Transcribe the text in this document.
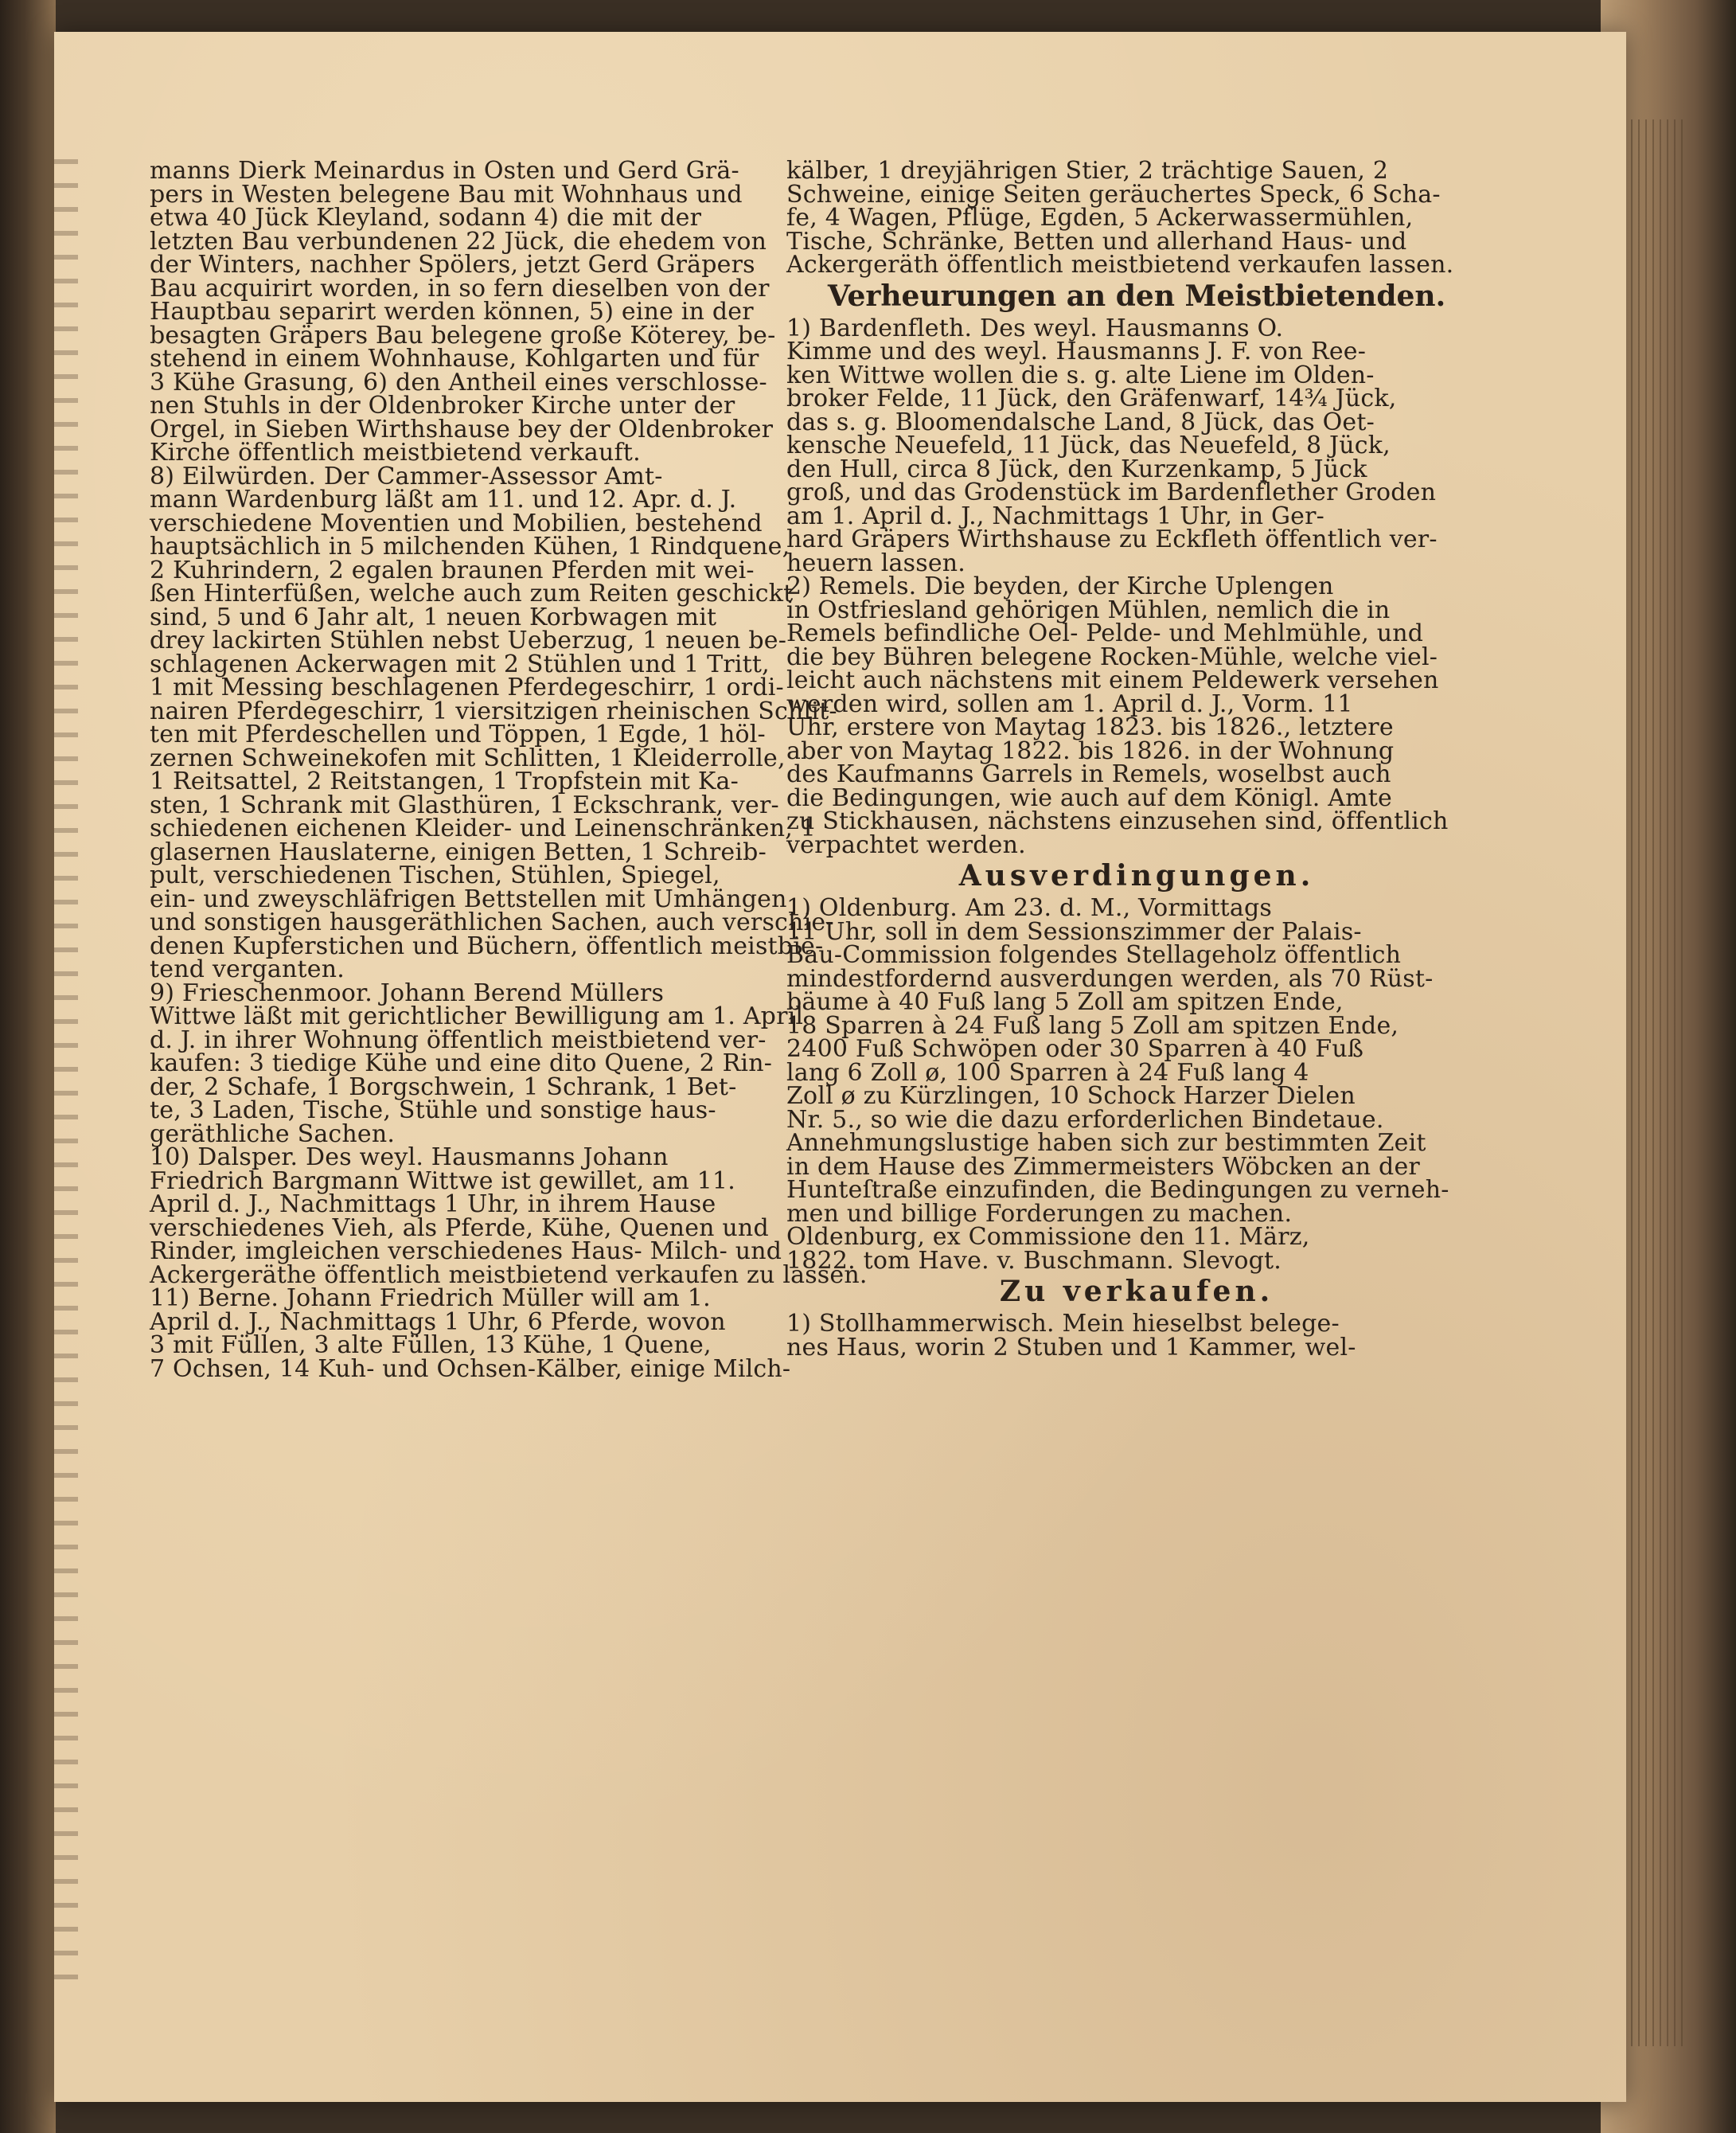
manns Dierk Meinardus in Osten und Gerd Grä-
pers in Westen belegene Bau mit Wohnhaus und
etwa 40 Jück Kleyland, sodann 4) die mit der
letzten Bau verbundenen 22 Jück, die ehedem von
der Winters, nachher Spölers, jetzt Gerd Gräpers
Bau acquirirt worden, in so fern dieselben von der
Hauptbau separirt werden können, 5) eine in der
besagten Gräpers Bau belegene große Köterey, be-
stehend in einem Wohnhause, Kohlgarten und für
3 Kühe Grasung, 6) den Antheil eines verschlosse-
nen Stuhls in der Oldenbroker Kirche unter der
Orgel, in Sieben Wirthshause bey der Oldenbroker
Kirche öffentlich meistbietend verkauft.
8) Eilwürden. Der Cammer-Assessor Amt-
mann Wardenburg läßt am 11. und 12. Apr. d. J.
verschiedene Moventien und Mobilien, bestehend
hauptsächlich in 5 milchenden Kühen, 1 Rindquene,
2 Kuhrindern, 2 egalen braunen Pferden mit wei-
ßen Hinterfüßen, welche auch zum Reiten geschickt
sind, 5 und 6 Jahr alt, 1 neuen Korbwagen mit
drey lackirten Stühlen nebst Ueberzug, 1 neuen be-
schlagenen Ackerwagen mit 2 Stühlen und 1 Tritt,
1 mit Messing beschlagenen Pferdegeschirr, 1 ordi-
nairen Pferdegeschirr, 1 viersitzigen rheinischen Schlit-
ten mit Pferdeschellen und Töppen, 1 Egde, 1 höl-
zernen Schweinekofen mit Schlitten, 1 Kleiderrolle,
1 Reitsattel, 2 Reitstangen, 1 Tropfstein mit Ka-
sten, 1 Schrank mit Glasthüren, 1 Eckschrank, ver-
schiedenen eichenen Kleider- und Leinenschränken, 1
glasernen Hauslaterne, einigen Betten, 1 Schreib-
pult, verschiedenen Tischen, Stühlen, Spiegel,
ein- und zweyschläfrigen Bettstellen mit Umhängen
und sonstigen hausgeräthlichen Sachen, auch verschie-
denen Kupferstichen und Büchern, öffentlich meistbie-
tend verganten.
9) Frieschenmoor. Johann Berend Müllers
Wittwe läßt mit gerichtlicher Bewilligung am 1. April
d. J. in ihrer Wohnung öffentlich meistbietend ver-
kaufen: 3 tiedige Kühe und eine dito Quene, 2 Rin-
der, 2 Schafe, 1 Borgschwein, 1 Schrank, 1 Bet-
te, 3 Laden, Tische, Stühle und sonstige haus-
geräthliche Sachen.
10) Dalsper. Des weyl. Hausmanns Johann
Friedrich Bargmann Wittwe ist gewillet, am 11.
April d. J., Nachmittags 1 Uhr, in ihrem Hause
verschiedenes Vieh, als Pferde, Kühe, Quenen und
Rinder, imgleichen verschiedenes Haus- Milch- und
Ackergeräthe öffentlich meistbietend verkaufen zu lassen.
11) Berne. Johann Friedrich Müller will am 1.
April d. J., Nachmittags 1 Uhr, 6 Pferde, wovon
3 mit Füllen, 3 alte Füllen, 13 Kühe, 1 Quene,
7 Ochsen, 14 Kuh- und Ochsen-Kälber, einige Milch-
kälber, 1 dreyjährigen Stier, 2 trächtige Sauen, 2
Schweine, einige Seiten geräuchertes Speck, 6 Scha-
fe, 4 Wagen, Pflüge, Egden, 5 Ackerwassermühlen,
Tische, Schränke, Betten und allerhand Haus- und
Ackergeräth öffentlich meistbietend verkaufen lassen.
Verheurungen an den Meistbietenden.
1) Bardenfleth. Des weyl. Hausmanns O.
Kimme und des weyl. Hausmanns J. F. von Ree-
ken Wittwe wollen die s. g. alte Liene im Olden-
broker Felde, 11 Jück, den Gräfenwarf, 14¾ Jück,
das s. g. Bloomendalsche Land, 8 Jück, das Oet-
kensche Neuefeld, 11 Jück, das Neuefeld, 8 Jück,
den Hull, circa 8 Jück, den Kurzenkamp, 5 Jück
groß, und das Grodenstück im Bardenflether Groden
am 1. April d. J., Nachmittags 1 Uhr, in Ger-
hard Gräpers Wirthshause zu Eckfleth öffentlich ver-
heuern lassen.
2) Remels. Die beyden, der Kirche Uplengen
in Ostfriesland gehörigen Mühlen, nemlich die in
Remels befindliche Oel- Pelde- und Mehlmühle, und
die bey Bühren belegene Rocken-Mühle, welche viel-
leicht auch nächstens mit einem Peldewerk versehen
werden wird, sollen am 1. April d. J., Vorm. 11
Uhr, erstere von Maytag 1823. bis 1826., letztere
aber von Maytag 1822. bis 1826. in der Wohnung
des Kaufmanns Garrels in Remels, woselbst auch
die Bedingungen, wie auch auf dem Königl. Amte
zu Stickhausen, nächstens einzusehen sind, öffentlich
verpachtet werden.
Ausverdingungen.
1) Oldenburg. Am 23. d. M., Vormittags
11 Uhr, soll in dem Sessionszimmer der Palais-
Bau-Commission folgendes Stellageholz öffentlich
mindestfordernd ausverdungen werden, als 70 Rüst-
bäume à 40 Fuß lang 5 Zoll am spitzen Ende,
18 Sparren à 24 Fuß lang 5 Zoll am spitzen Ende,
2400 Fuß Schwöpen oder 30 Sparren à 40 Fuß
lang 6 Zoll ø, 100 Sparren à 24 Fuß lang 4
Zoll ø zu Kürzlingen, 10 Schock Harzer Dielen
Nr. 5., so wie die dazu erforderlichen Bindetaue.
Annehmungslustige haben sich zur bestimmten Zeit
in dem Hause des Zimmermeisters Wöbcken an der
Hunteſtraße einzufinden, die Bedingungen zu verneh-
men und billige Forderungen zu machen.
Oldenburg, ex Commissione den 11. März,
1822. tom Have. v. Buschmann. Slevogt.
Zu verkaufen.
1) Stollhammerwisch. Mein hieselbst belege-
nes Haus, worin 2 Stuben und 1 Kammer, wel-
